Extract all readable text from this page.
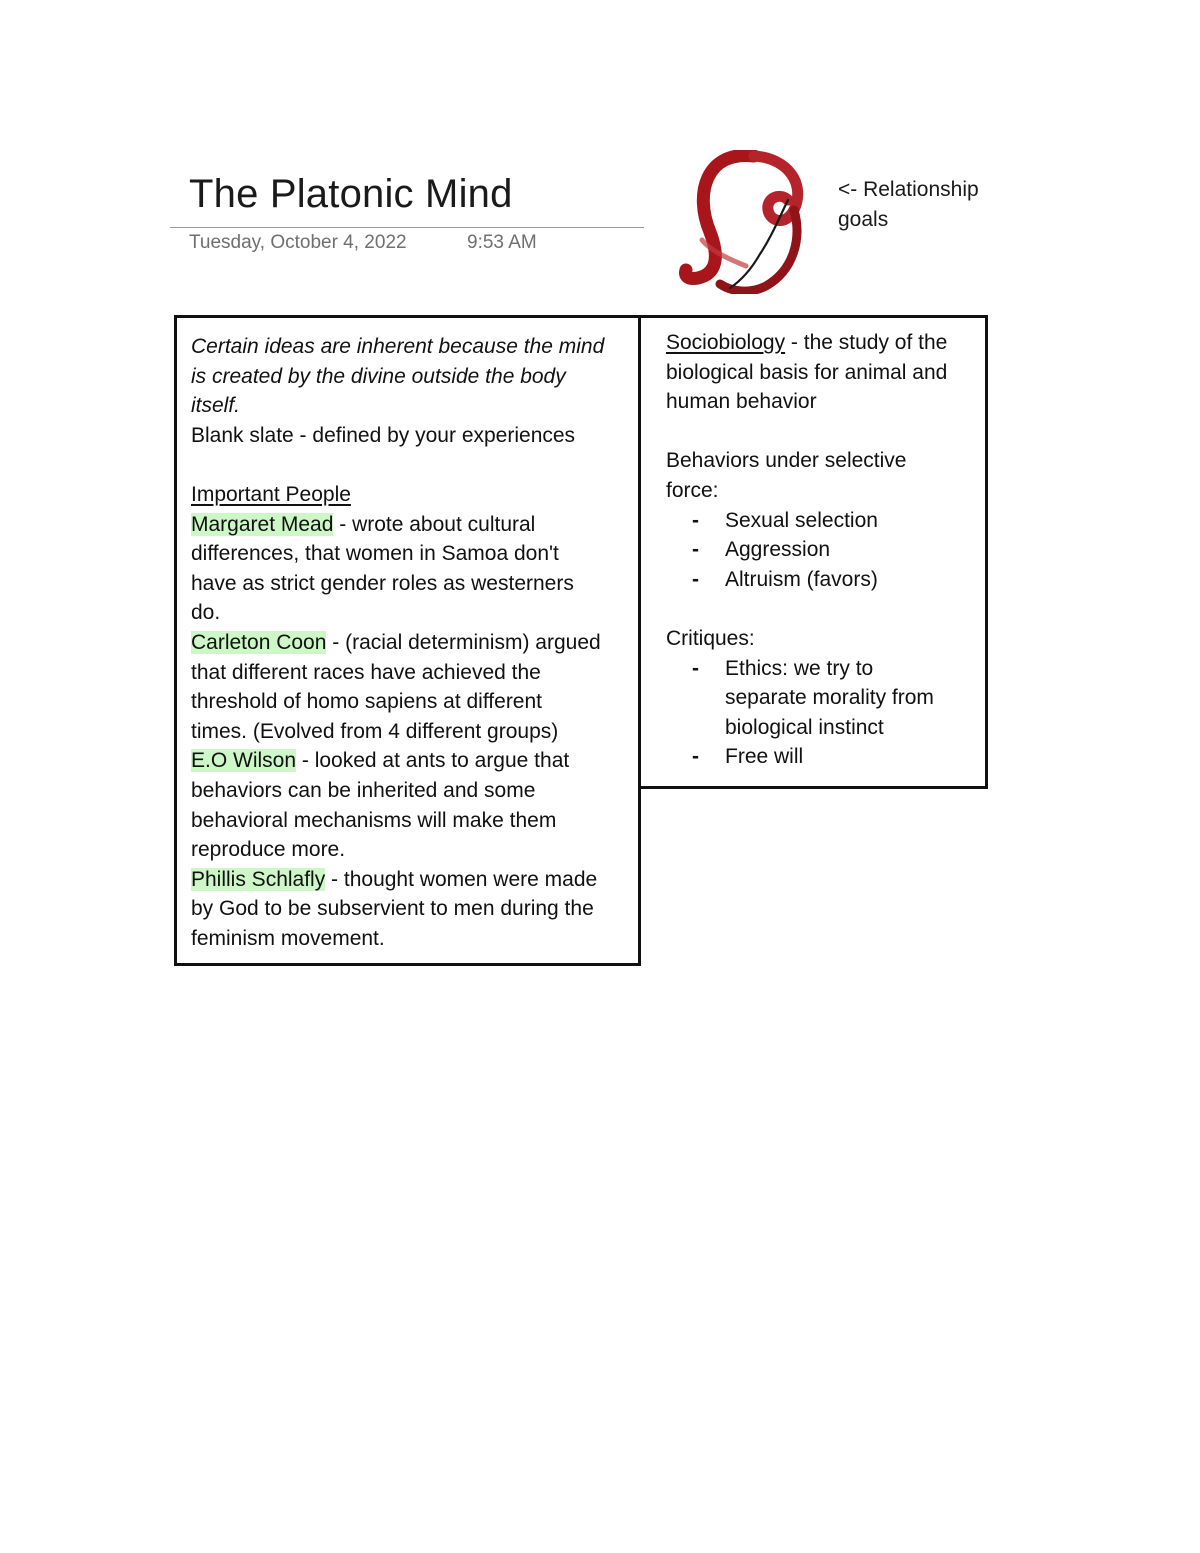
The Platonic Mind
Tuesday, October 4, 2022	9:53 AM
<- Relationship
goals
Certain ideas are inherent because the mind
is created by the divine outside the body
itself.
Blank slate - defined by your experiences
Important People
Margaret Mead - wrote about cultural
differences, that women in Samoa don't
have as strict gender roles as westerners
do.
Carleton Coon - (racial determinism) argued
that different races have achieved the
threshold of homo sapiens at different
times. (Evolved from 4 different groups)
E.O Wilson - looked at ants to argue that
behaviors can be inherited and some
behavioral mechanisms will make them
reproduce more.
Phillis Schlafly - thought women were made
by God to be subservient to men during the
feminism movement.
Sociobiology - the study of the
biological basis for animal and
human behavior
Behaviors under selective
force:
- Sexual selection
- Aggression
- Altruism (favors)
Critiques:
- Ethics: we try to
separate morality from
biological instinct
- Free will
